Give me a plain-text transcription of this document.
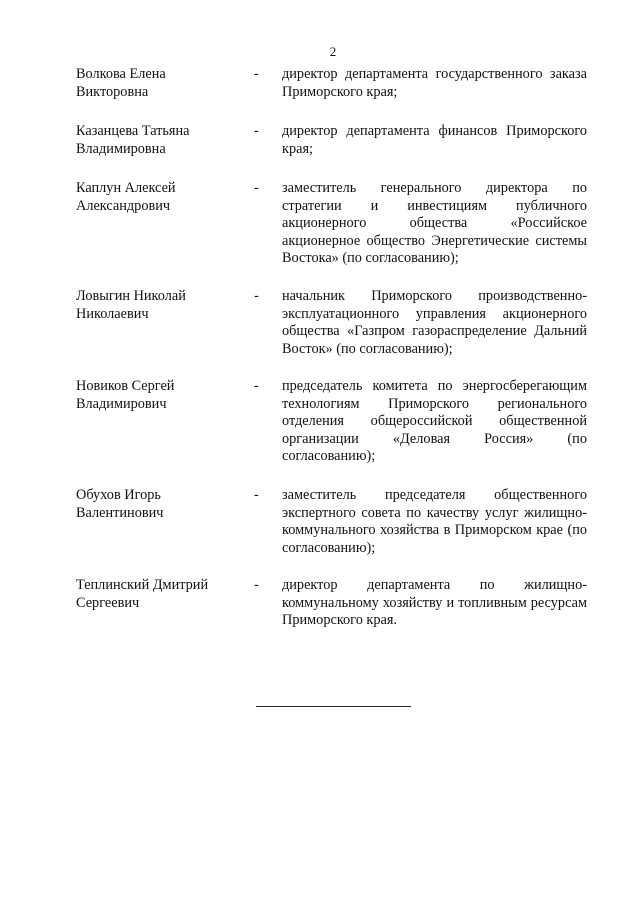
2
Волкова Елена
Викторовна
- директор департамента государственного заказа Приморского края;
Казанцева Татьяна
Владимировна
- директор департамента финансов Приморского края;
Каплун Алексей
Александрович
- заместитель генерального директора по стратегии и инвестициям публичного акционерного общества «Российское акционерное общество Энергетические системы Востока» (по согласованию);
Ловыгин Николай
Николаевич
- начальник Приморского производственно-эксплуатационного управления акционерного общества «Газпром газораспределение Дальний Восток» (по согласованию);
Новиков Сергей
Владимирович
- председатель комитета по энергосберегающим технологиям Приморского регионального отделения общероссийской общественной организации «Деловая Россия» (по согласованию);
Обухов Игорь
Валентинович
- заместитель председателя общественного экспертного совета по качеству услуг жилищно-коммунального хозяйства в Приморском крае (по согласованию);
Теплинский Дмитрий
Сергеевич
- директор департамента по жилищно-коммунальному хозяйству и топливным ресурсам Приморского края.
